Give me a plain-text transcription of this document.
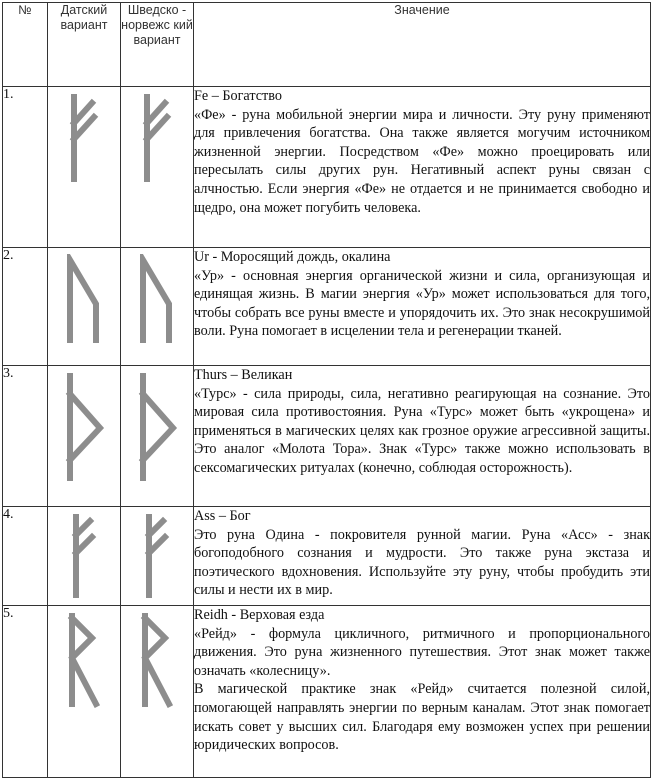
№	Датский вариант	Шведско - норвежс кий вариант	Значение
1.			Fe – Богатство
«Фе» - руна мобильной энергии мира и личности. Эту руну применяют для привлечения богатства. Она также является могучим источником жизненной энергии. Посредством «Фе» можно проецировать или пересылать силы других рун. Негативный аспект руны связан с алчностью. Если энергия «Фе» не отдается и не принимается свободно и щедро, она может погубить человека.

2.			Ur - Моросящий дождь, окалина
«Ур» - основная энергия органической жизни и сила, организующая и единящая жизнь. В магии энергия «Ур» может использоваться для того, чтобы собрать все руны вместе и упорядочить их. Это знак несокрушимой воли. Руна помогает в исцелении тела и регенерации тканей.

3.			Thurs – Великан
«Турс» - сила природы, сила, негативно реагирующая на сознание. Это мировая сила противостояния. Руна «Турс» может быть «укрощена» и применяться в магических целях как грозное оружие агрессивной защиты. Это аналог «Молота Тора». Знак «Турс» также можно использовать в сексомагических ритуалах (конечно, соблюдая осторожность).

4.			Ass – Бог
Это руна Одина - покровителя рунной магии. Руна «Асс» - знак богоподобного сознания и мудрости. Это также руна экстаза и поэтического вдохновения. Используйте эту руну, чтобы пробудить эти силы и нести их в мир.

5.			Reidh - Верховая езда
«Рейд» - формула цикличного, ритмичного и пропорционального движения. Это руна жизненного путешествия. Этот знак может также означать «колесницу».
В магической практике знак «Рейд» считается полезной силой, помогающей направлять энергии по верным каналам. Этот знак помогает искать совет у высших сил. Благодаря ему возможен успех при решении юридических вопросов.
